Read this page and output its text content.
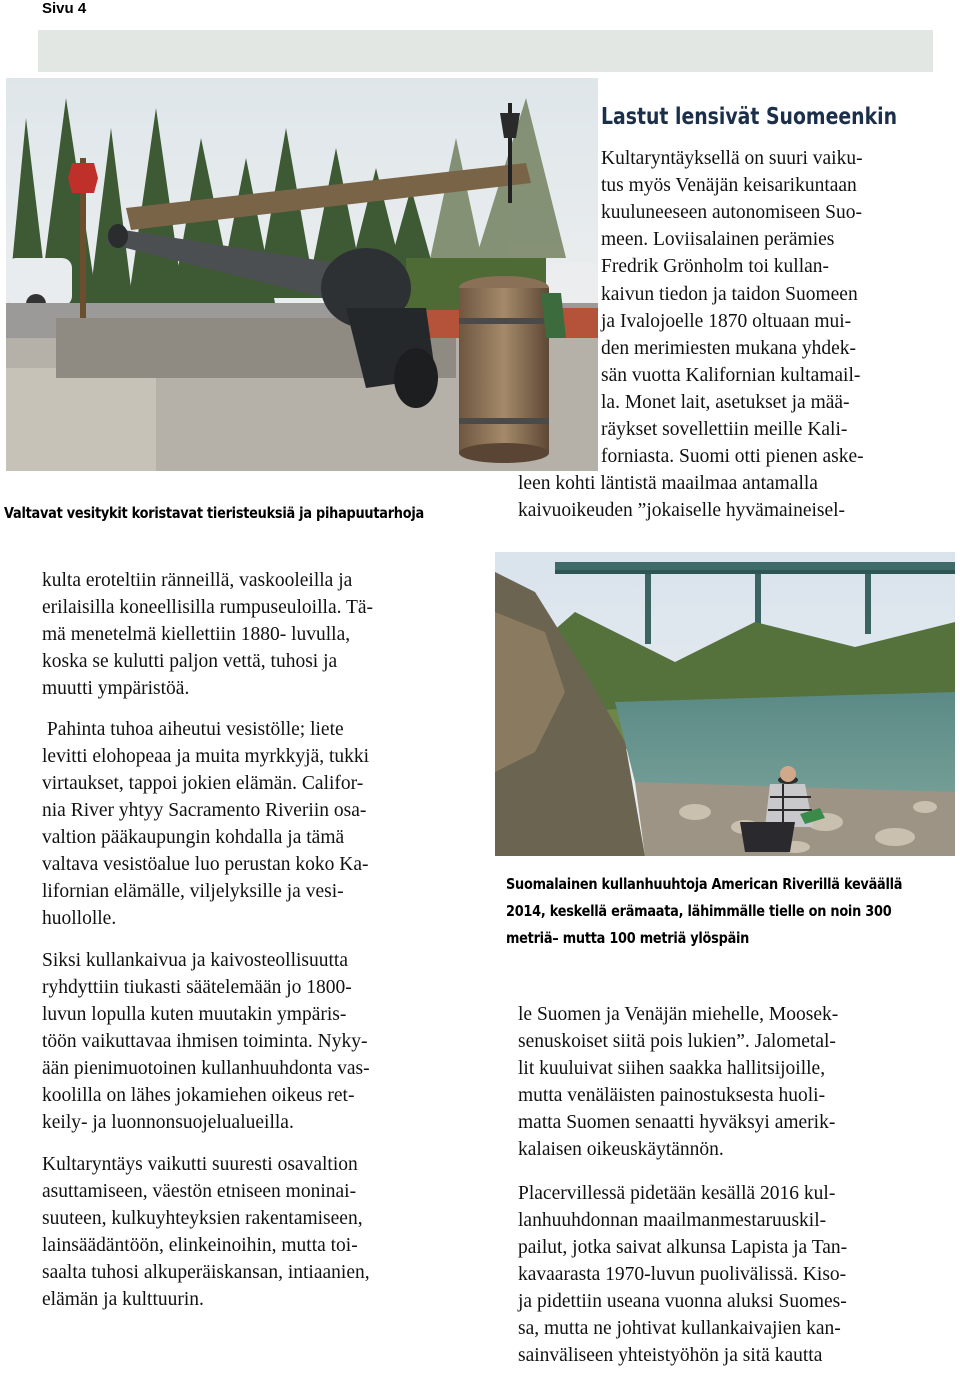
Sivu 4
Valtavat vesitykit koristavat tieristeuksiä ja pihapuutarhoja
Lastut lensivät Suomeenkin
Kultaryntäyksellä on suuri vaiku-
tus myös Venäjän keisarikuntaan
kuuluneeseen autonomiseen Suo-
meen. Loviisalainen perämies
Fredrik Grönholm toi kullan-
kaivun tiedon ja taidon Suomeen
ja Ivalojoelle 1870 oltuaan mui-
den merimiesten mukana yhdek-
sän vuotta Kalifornian kultamail-
la. Monet lait, asetukset ja mää-
räykset sovellettiin meille Kali-
forniasta. Suomi otti pienen aske-
leen kohti läntistä maailmaa antamalla
kaivuoikeuden ”jokaiselle hyvämaineisel-
kulta eroteltiin ränneillä, vaskooleilla ja
erilaisilla koneellisilla rumpuseuloilla. Tä-
mä menetelmä kiellettiin 1880- luvulla,
koska se kulutti paljon vettä, tuhosi ja
muutti ympäristöä.
Pahinta tuhoa aiheutui vesistölle; liete
levitti elohopeaa ja muita myrkkyjä, tukki
virtaukset, tappoi jokien elämän. Califor-
nia River yhtyy Sacramento Riveriin osa-
valtion pääkaupungin kohdalla ja tämä
valtava vesistöalue luo perustan koko Ka-
lifornian elämälle, viljelyksille ja vesi-
huollolle.
Siksi kullankaivua ja kaivosteollisuutta
ryhdyttiin tiukasti säätelemään jo 1800-
luvun lopulla kuten muutakin ympäris-
töön vaikuttavaa ihmisen toiminta. Nyky-
ään pienimuotoinen kullanhuuhdonta vas-
koolilla on lähes jokamiehen oikeus ret-
keily- ja luonnonsuojelualueilla.
Kultaryntäys vaikutti suuresti osavaltion
asuttamiseen, väestön etniseen moninai-
suuteen, kulkuyhteyksien rakentamiseen,
lainsäädäntöön, elinkeinoihin, mutta toi-
saalta tuhosi alkuperäiskansan, intiaanien,
elämän ja kulttuurin.
Suomalainen kullanhuuhtoja American Riverillä keväällä
2014, keskellä erämaata, lähimmälle tielle on noin 300
metriä– mutta 100 metriä ylöspäin
le Suomen ja Venäjän miehelle, Moosek-
senuskoiset siitä pois lukien”. Jalometal-
lit kuuluivat siihen saakka hallitsijoille,
mutta venäläisten painostuksesta huoli-
matta Suomen senaatti hyväksyi amerik-
kalaisen oikeuskäytännön.
Placervillessä pidetään kesällä 2016 kul-
lanhuuhdonnan maailmanmestaruuskil-
pailut, jotka saivat alkunsa Lapista ja Tan-
kavaarasta 1970-luvun puolivälissä. Kiso-
ja pidettiin useana vuonna aluksi Suomes-
sa, mutta ne johtivat kullankaivajien kan-
sainväliseen yhteistyöhön ja sitä kautta
